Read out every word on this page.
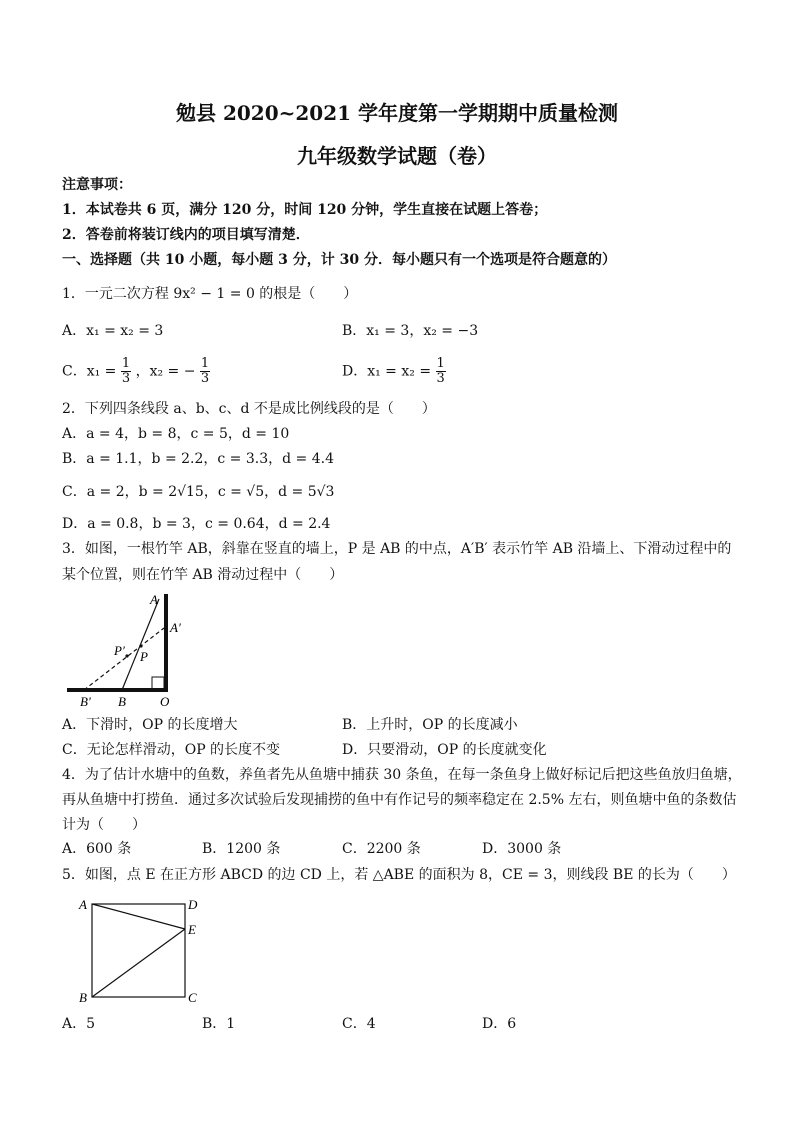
勉县 2020~2021 学年度第一学期期中质量检测
九年级数学试题（卷）
注意事项：
1．本试卷共 6 页，满分 120 分，时间 120 分钟，学生直接在试题上答卷；
2．答卷前将装订线内的项目填写清楚．
一、选择题（共 10 小题，每小题 3 分，计 30 分．每小题只有一个选项是符合题意的）
1．一元二次方程 9x² − 1 = 0 的根是（　　）
A．x₁ = x₂ = 3	B．x₁ = 3，x₂ = −3
C．$x_1 = \frac{1}{3}$ ，x₂ = − $\frac{1}{3}$	D．$x_1 = x_2 = \frac{1}{3}$
2．下列四条线段 a、b、c、d 不是成比例线段的是（　　）
A．a = 4，b = 8，c = 5，d = 10
B．a = 1.1，b = 2.2，c = 3.3，d = 4.4
C．a = 2，b = 2√15，c = √5，d = 5√3
D．a = 0.8，b = 3，c = 0.64，d = 2.4
3．如图，一根竹竿 AB，斜靠在竖直的墙上，P 是 AB 的中点，A′B′ 表示竹竿 AB 沿墙上、下滑动过程中的
某个位置，则在竹竿 AB 滑动过程中（　　）
A
A′
P′ P
B′ B	O
A．下滑时，OP 的长度增大	B．上升时，OP 的长度减小
C．无论怎样滑动，OP 的长度不变	D．只要滑动，OP 的长度就变化
4．为了估计水塘中的鱼数，养鱼者先从鱼塘中捕获 30 条鱼，在每一条鱼身上做好标记后把这些鱼放归鱼塘，
再从鱼塘中打捞鱼．通过多次试验后发现捕捞的鱼中有作记号的频率稳定在 2.5% 左右，则鱼塘中鱼的条数估
计为（　　）
A．600 条	B．1200 条	C．2200 条	D．3000 条
5．如图，点 E 在正方形 ABCD 的边 CD 上，若 △ABE 的面积为 8，CE = 3，则线段 BE 的长为（　　）
A	D
E
B	C
A．5	B．1	C．4	D．6
